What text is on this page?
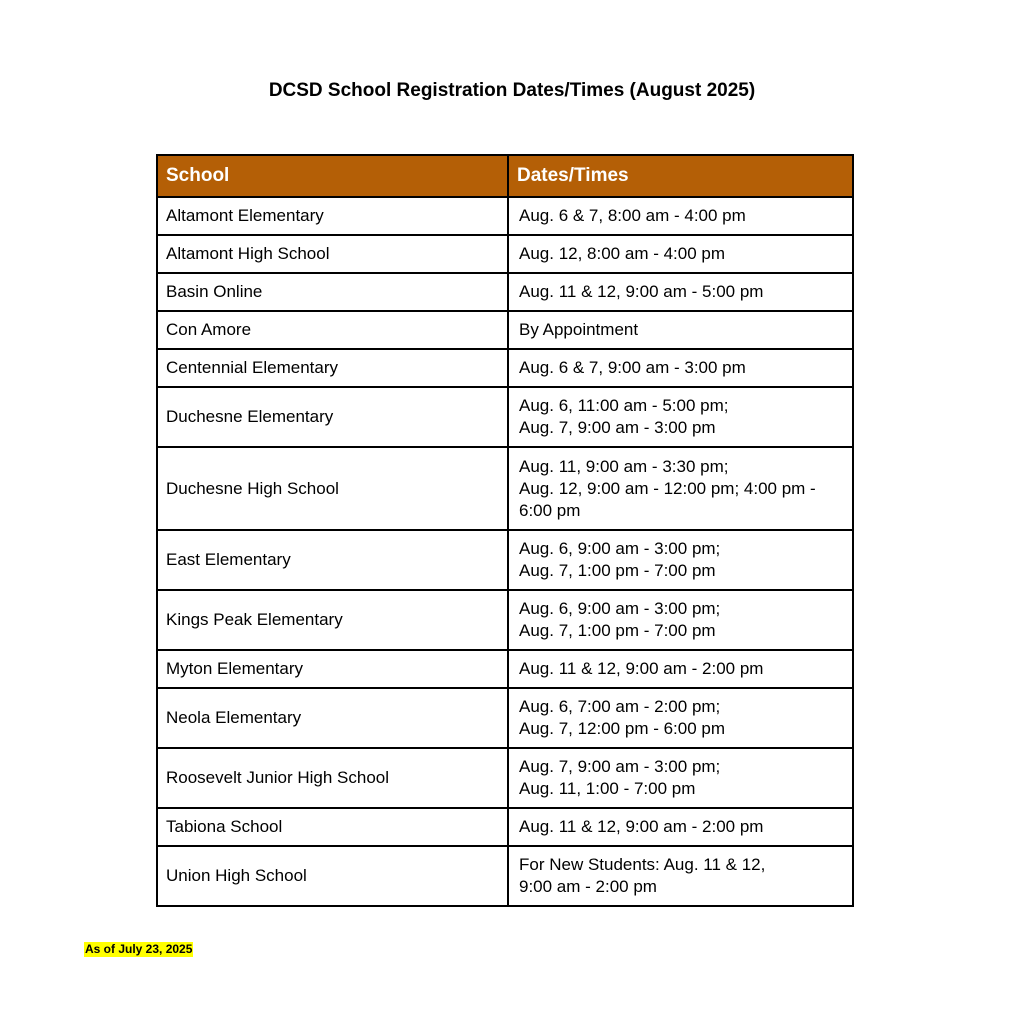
DCSD School Registration Dates/Times (August 2025)
School	Dates/Times
Altamont Elementary	Aug. 6 & 7, 8:00 am - 4:00 pm
Altamont High School	Aug. 12, 8:00 am - 4:00 pm
Basin Online	Aug. 11 & 12, 9:00 am - 5:00 pm
Con Amore	By Appointment
Centennial Elementary	Aug. 6 & 7, 9:00 am - 3:00 pm
Duchesne Elementary	Aug. 6, 11:00 am - 5:00 pm;
Aug. 7, 9:00 am - 3:00 pm
Duchesne High School	Aug. 11, 9:00 am - 3:30 pm;
Aug. 12, 9:00 am - 12:00 pm; 4:00 pm - 6:00 pm
East Elementary	Aug. 6, 9:00 am - 3:00 pm;
Aug. 7, 1:00 pm - 7:00 pm
Kings Peak Elementary	Aug. 6, 9:00 am - 3:00 pm;
Aug. 7, 1:00 pm - 7:00 pm
Myton Elementary	Aug. 11 & 12, 9:00 am - 2:00 pm
Neola Elementary	Aug. 6, 7:00 am - 2:00 pm;
Aug. 7, 12:00 pm - 6:00 pm
Roosevelt Junior High School	Aug. 7, 9:00 am - 3:00 pm;
Aug. 11, 1:00 - 7:00 pm
Tabiona School	Aug. 11 & 12, 9:00 am - 2:00 pm
Union High School	For New Students: Aug. 11 & 12,
9:00 am - 2:00 pm
As of July 23, 2025
